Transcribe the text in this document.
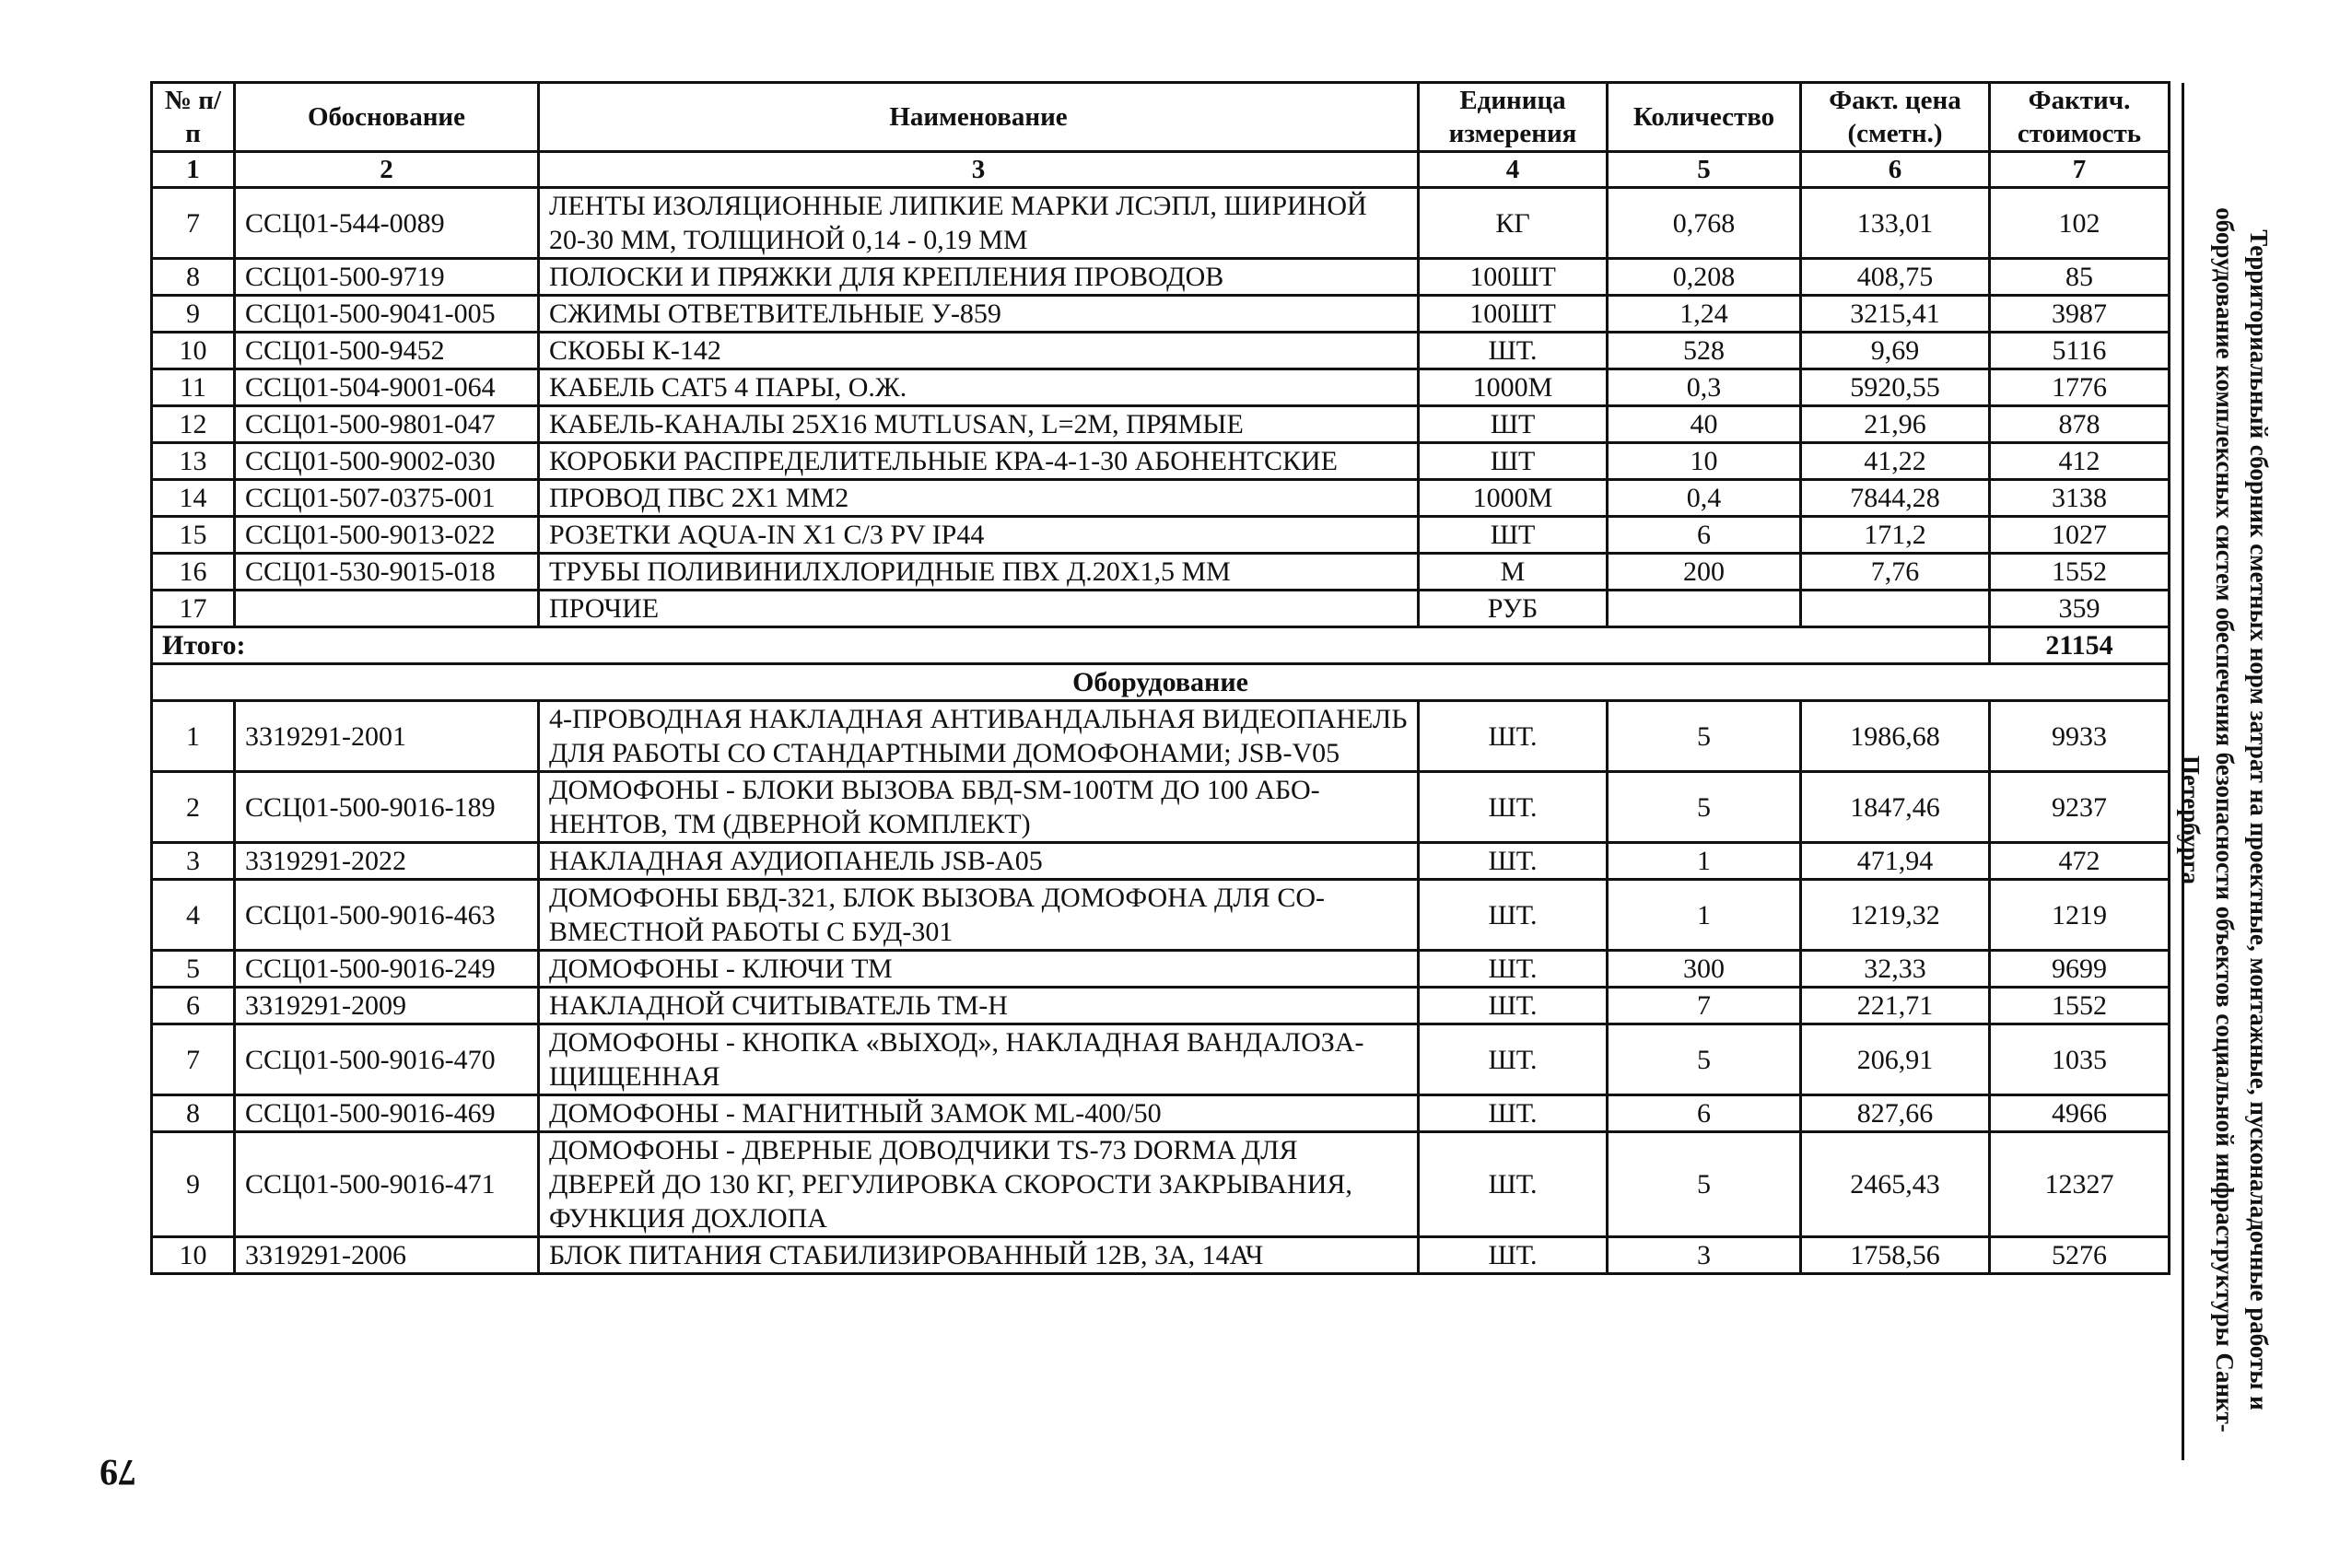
№ п/п	Обоснование	Наименование	Единица измерения	Количество	Факт. цена (сметн.)	Фактич. стоимость
1	2	3	4	5	6	7
7	ССЦ01-544-0089	ЛЕНТЫ ИЗОЛЯЦИОННЫЕ ЛИПКИЕ МАРКИ ЛСЭПЛ, ШИРИНОЙ 20-30 ММ, ТОЛЩИНОЙ 0,14 - 0,19 ММ	КГ	0,768	133,01	102
8	ССЦ01-500-9719	ПОЛОСКИ И ПРЯЖКИ ДЛЯ КРЕПЛЕНИЯ ПРОВОДОВ	100ШТ	0,208	408,75	85
9	ССЦ01-500-9041-005	СЖИМЫ ОТВЕТВИТЕЛЬНЫЕ У-859	100ШТ	1,24	3215,41	3987
10	ССЦ01-500-9452	СКОБЫ К-142	ШТ.	528	9,69	5116
11	ССЦ01-504-9001-064	КАБЕЛЬ CAT5 4 ПАРЫ, О.Ж.	1000М	0,3	5920,55	1776
12	ССЦ01-500-9801-047	КАБЕЛЬ-КАНАЛЫ 25Х16 MUTLUSAN, L=2M, ПРЯМЫЕ	ШТ	40	21,96	878
13	ССЦ01-500-9002-030	КОРОБКИ РАСПРЕДЕЛИТЕЛЬНЫЕ КРА-4-1-30 АБОНЕНТСКИЕ	ШТ	10	41,22	412
14	ССЦ01-507-0375-001	ПРОВОД ПВС 2Х1 ММ2	1000М	0,4	7844,28	3138
15	ССЦ01-500-9013-022	РОЗЕТКИ AQUA-IN X1 C/3 PV IP44	ШТ	6	171,2	1027
16	ССЦ01-530-9015-018	ТРУБЫ ПОЛИВИНИЛХЛОРИДНЫЕ ПВХ Д.20Х1,5 ММ	М	200	7,76	1552
17		ПРОЧИЕ	РУБ			359
Итого:						21154
Оборудование						
1	3319291-2001	4-ПРОВОДНАЯ НАКЛАДНАЯ АНТИВАНДАЛЬНАЯ ВИДЕОПАНЕЛЬ ДЛЯ РАБОТЫ СО СТАНДАРТНЫМИ ДОМОФОНАМИ; JSB-V05	ШТ.	5	1986,68	9933
2	ССЦ01-500-9016-189	ДОМОФОНЫ - БЛОКИ ВЫЗОВА БВД-SM-100ТМ ДО 100 АБО-НЕНТОВ, ТМ (ДВЕРНОЙ КОМПЛЕКТ)	ШТ.	5	1847,46	9237
3	3319291-2022	НАКЛАДНАЯ АУДИОПАНЕЛЬ JSB-A05	ШТ.	1	471,94	472
4	ССЦ01-500-9016-463	ДОМОФОНЫ БВД-321, БЛОК ВЫЗОВА ДОМОФОНА ДЛЯ СО-ВМЕСТНОЙ РАБОТЫ С БУД-301	ШТ.	1	1219,32	1219
5	ССЦ01-500-9016-249	ДОМОФОНЫ - КЛЮЧИ ТМ	ШТ.	300	32,33	9699
6	3319291-2009	НАКЛАДНОЙ СЧИТЫВАТЕЛЬ ТМ-Н	ШТ.	7	221,71	1552
7	ССЦ01-500-9016-470	ДОМОФОНЫ - КНОПКА «ВЫХОД», НАКЛАДНАЯ ВАНДАЛОЗА-ЩИЩЕННАЯ	ШТ.	5	206,91	1035
8	ССЦ01-500-9016-469	ДОМОФОНЫ - МАГНИТНЫЙ ЗАМОК ML-400/50	ШТ.	6	827,66	4966
9	ССЦ01-500-9016-471	ДОМОФОНЫ - ДВЕРНЫЕ ДОВОДЧИКИ TS-73 DORMA ДЛЯ ДВЕРЕЙ ДО 130 КГ, РЕГУЛИРОВКА СКОРОСТИ ЗАКРЫВАНИЯ, ФУНКЦИЯ ДОХЛОПА	ШТ.	5	2465,43	12327
10	3319291-2006	БЛОК ПИТАНИЯ СТАБИЛИЗИРОВАННЫЙ 12В, 3А, 14АЧ	ШТ.	3	1758,56	5276	Территориальный сборник сметных норм затрат на проектные, монтажные, пусконаладочные работы и оборудование комплексных систем обеспечения безопасности объектов социальной инфраструктуры Санкт-Петербурга
79
